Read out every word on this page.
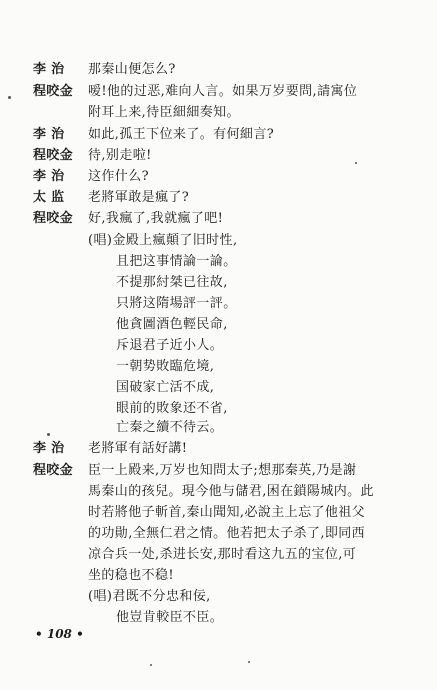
李 治
程咬金
李 治
程咬金
李 治
太 监
程咬金
李 治
程咬金
那秦山便怎么?
嗳!他的过恶,难向人言。如果万岁要問,請寓位
附耳上来,待臣細細奏知。
如此,孤王下位来了。有何細言?
待,别走啦!
这作什么?
老將軍敢是瘋了?
好,我瘋了,我就瘋了吧!
(唱)金殿上瘋顛了旧时性,
且把这事情論一論。
不提那紂桀已往故,
只將这隋場評一評。
他貪圖酒色輕民命,
斥退君子近小人。
一朝势敗臨危境,
国破家亡活不成,
眼前的敗象还不省,
亡秦之續不待云。
老將軍有話好講!
臣一上殿来,万岁也知問太子;想那秦英,乃是謝
馬秦山的孩兒。現今他与儲君,困在鎖陽城内。此
时若將他子斬首,秦山聞知,必說主上忘了他祖父
的功勛,全無仁君之情。他若把太子杀了,即同西
凉合兵一处,杀进长安,那时看这九五的宝位,可
坐的稳也不稳!
(唱)君既不分忠和佞,
他豈肯較臣不臣。
• 108 •
